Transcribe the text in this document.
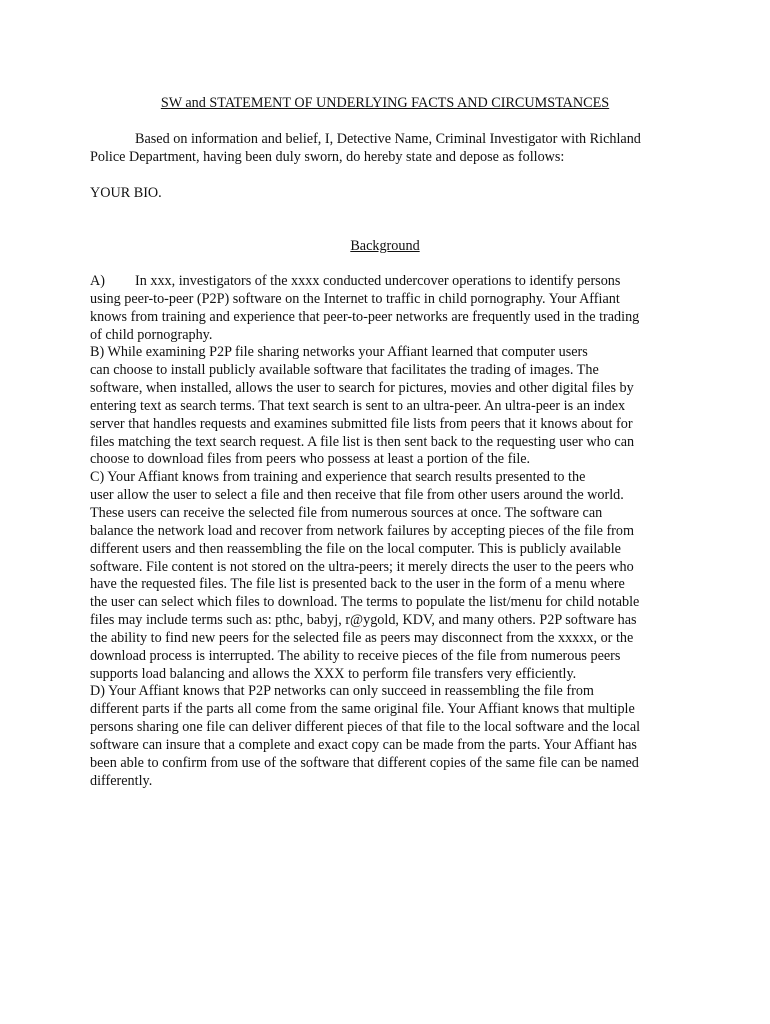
SW and STATEMENT OF UNDERLYING FACTS AND CIRCUMSTANCES

Based on information and belief, I, Detective Name, Criminal Investigator with Richland
Police Department, having been duly sworn, do hereby state and depose as follows:

YOUR BIO.

Background

A) In xxx, investigators of the xxxx conducted undercover operations to identify persons
using peer-to-peer (P2P) software on the Internet to traffic in child pornography. Your Affiant
knows from training and experience that peer-to-peer networks are frequently used in the trading
of child pornography.
B) While examining P2P file sharing networks your Affiant learned that computer users
can choose to install publicly available software that facilitates the trading of images. The
software, when installed, allows the user to search for pictures, movies and other digital files by
entering text as search terms. That text search is sent to an ultra-peer. An ultra-peer is an index
server that handles requests and examines submitted file lists from peers that it knows about for
files matching the text search request. A file list is then sent back to the requesting user who can
choose to download files from peers who possess at least a portion of the file.
C) Your Affiant knows from training and experience that search results presented to the
user allow the user to select a file and then receive that file from other users around the world.
These users can receive the selected file from numerous sources at once. The software can
balance the network load and recover from network failures by accepting pieces of the file from
different users and then reassembling the file on the local computer. This is publicly available
software. File content is not stored on the ultra-peers; it merely directs the user to the peers who
have the requested files. The file list is presented back to the user in the form of a menu where
the user can select which files to download. The terms to populate the list/menu for child notable
files may include terms such as: pthc, babyj, r@ygold, KDV, and many others. P2P software has
the ability to find new peers for the selected file as peers may disconnect from the xxxxx, or the
download process is interrupted. The ability to receive pieces of the file from numerous peers
supports load balancing and allows the XXX to perform file transfers very efficiently.
D) Your Affiant knows that P2P networks can only succeed in reassembling the file from
different parts if the parts all come from the same original file. Your Affiant knows that multiple
persons sharing one file can deliver different pieces of that file to the local software and the local
software can insure that a complete and exact copy can be made from the parts. Your Affiant has
been able to confirm from use of the software that different copies of the same file can be named
differently.
